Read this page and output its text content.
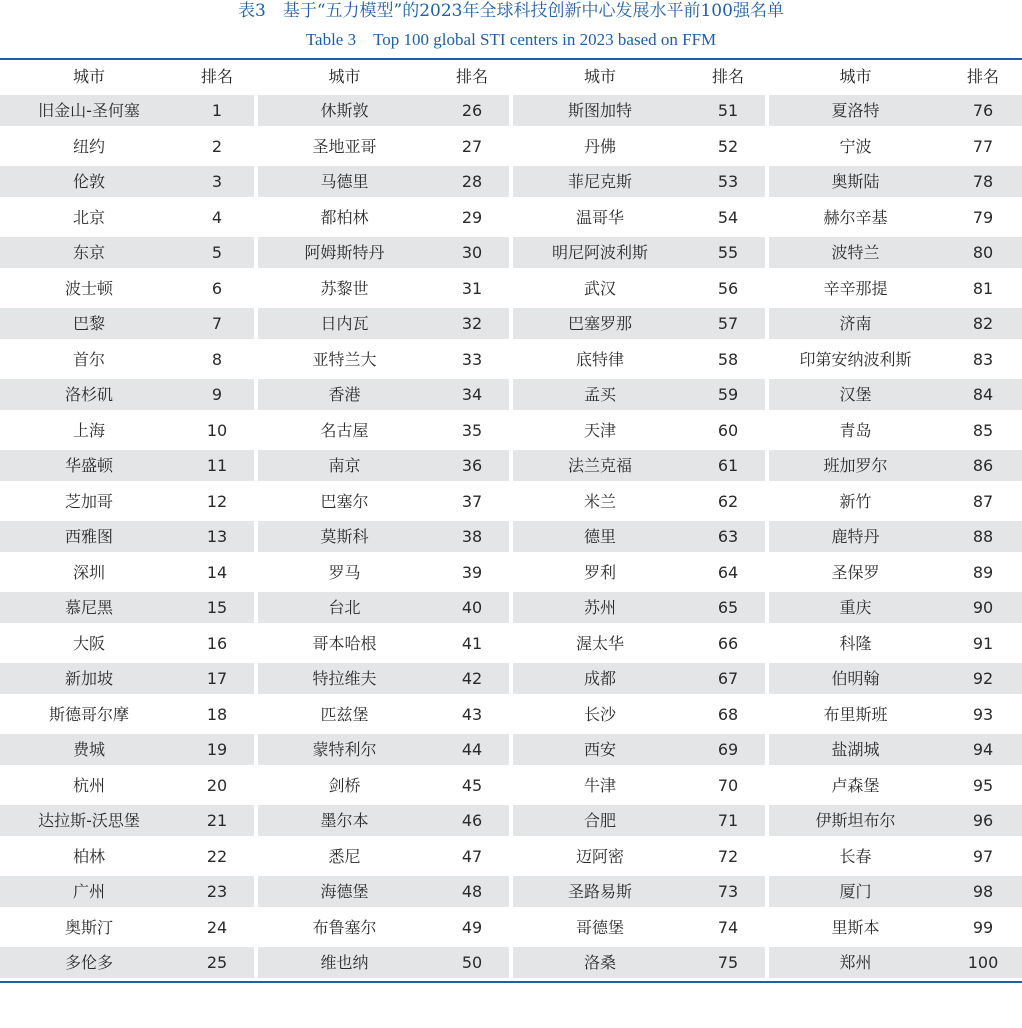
表3　基于“五力模型”的2023年全球科技创新中心发展水平前100强名单
Table 3　Top 100 global STI centers in 2023 based on FFM
城市	排名	城市	排名	城市	排名	城市	排名
旧金山-圣何塞	1	休斯敦	26	斯图加特	51	夏洛特	76
纽约	2	圣地亚哥	27	丹佛	52	宁波	77
伦敦	3	马德里	28	菲尼克斯	53	奥斯陆	78
北京	4	都柏林	29	温哥华	54	赫尔辛基	79
东京	5	阿姆斯特丹	30	明尼阿波利斯	55	波特兰	80
波士顿	6	苏黎世	31	武汉	56	辛辛那提	81
巴黎	7	日内瓦	32	巴塞罗那	57	济南	82
首尔	8	亚特兰大	33	底特律	58	印第安纳波利斯	83
洛杉矶	9	香港	34	孟买	59	汉堡	84
上海	10	名古屋	35	天津	60	青岛	85
华盛顿	11	南京	36	法兰克福	61	班加罗尔	86
芝加哥	12	巴塞尔	37	米兰	62	新竹	87
西雅图	13	莫斯科	38	德里	63	鹿特丹	88
深圳	14	罗马	39	罗利	64	圣保罗	89
慕尼黑	15	台北	40	苏州	65	重庆	90
大阪	16	哥本哈根	41	渥太华	66	科隆	91
新加坡	17	特拉维夫	42	成都	67	伯明翰	92
斯德哥尔摩	18	匹兹堡	43	长沙	68	布里斯班	93
费城	19	蒙特利尔	44	西安	69	盐湖城	94
杭州	20	剑桥	45	牛津	70	卢森堡	95
达拉斯-沃思堡	21	墨尔本	46	合肥	71	伊斯坦布尔	96
柏林	22	悉尼	47	迈阿密	72	长春	97
广州	23	海德堡	48	圣路易斯	73	厦门	98
奥斯汀	24	布鲁塞尔	49	哥德堡	74	里斯本	99
多伦多	25	维也纳	50	洛桑	75	郑州	100
